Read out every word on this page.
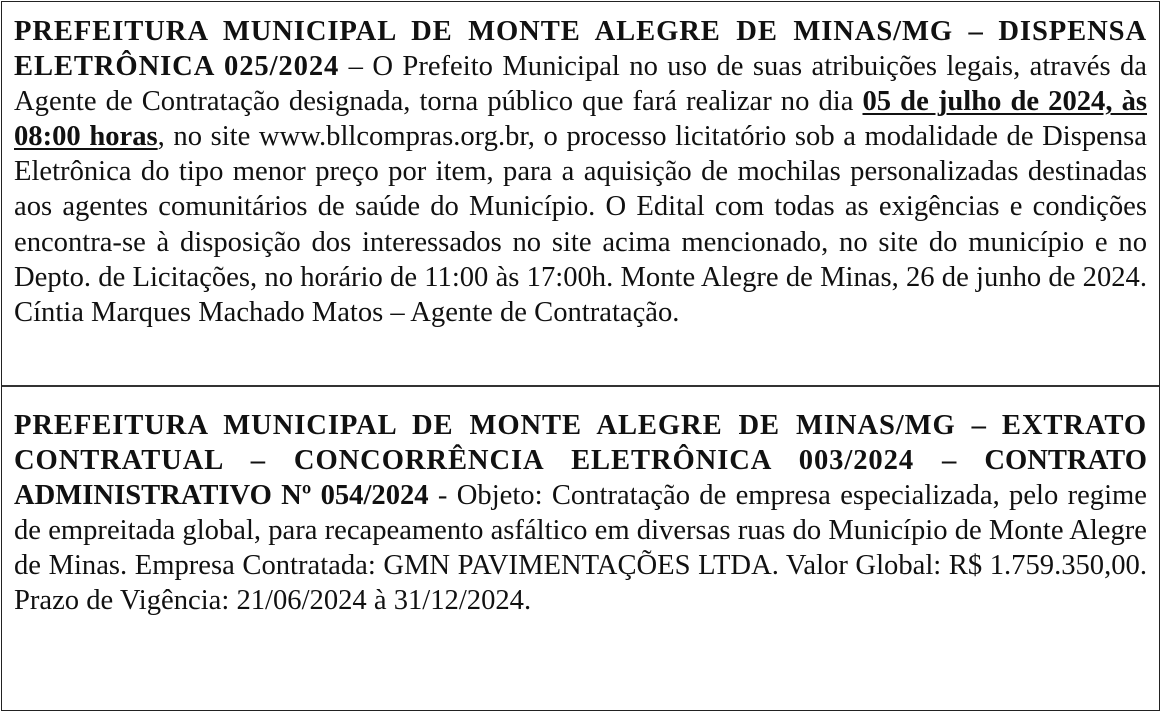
PREFEITURA MUNICIPAL DE MONTE ALEGRE DE MINAS/MG – DISPENSA ELETRÔNICA 025/2024 – O Prefeito Municipal no uso de suas atribuições legais, através da Agente de Contratação designada, torna público que fará realizar no dia 05 de julho de 2024, às 08:00 horas, no site www.bllcompras.org.br, o processo licitatório sob a modalidade de Dispensa Eletrônica do tipo menor preço por item, para a aquisição de mochilas personalizadas destinadas aos agentes comunitários de saúde do Município. O Edital com todas as exigências e condições encontra-se à disposição dos interessados no site acima mencionado, no site do município e no Depto. de Licitações, no horário de 11:00 às 17:00h. Monte Alegre de Minas, 26 de junho de 2024. Cíntia Marques Machado Matos – Agente de Contratação.
PREFEITURA MUNICIPAL DE MONTE ALEGRE DE MINAS/MG – EXTRATO CONTRATUAL – CONCORRÊNCIA ELETRÔNICA 003/2024 – CONTRATO ADMINISTRATIVO Nº 054/2024 - Objeto: Contratação de empresa especializada, pelo regime de empreitada global, para recapeamento asfáltico em diversas ruas do Município de Monte Alegre de Minas. Empresa Contratada: GMN PAVIMENTAÇÕES LTDA. Valor Global: R$ 1.759.350,00. Prazo de Vigência: 21/06/2024 à 31/12/2024.
